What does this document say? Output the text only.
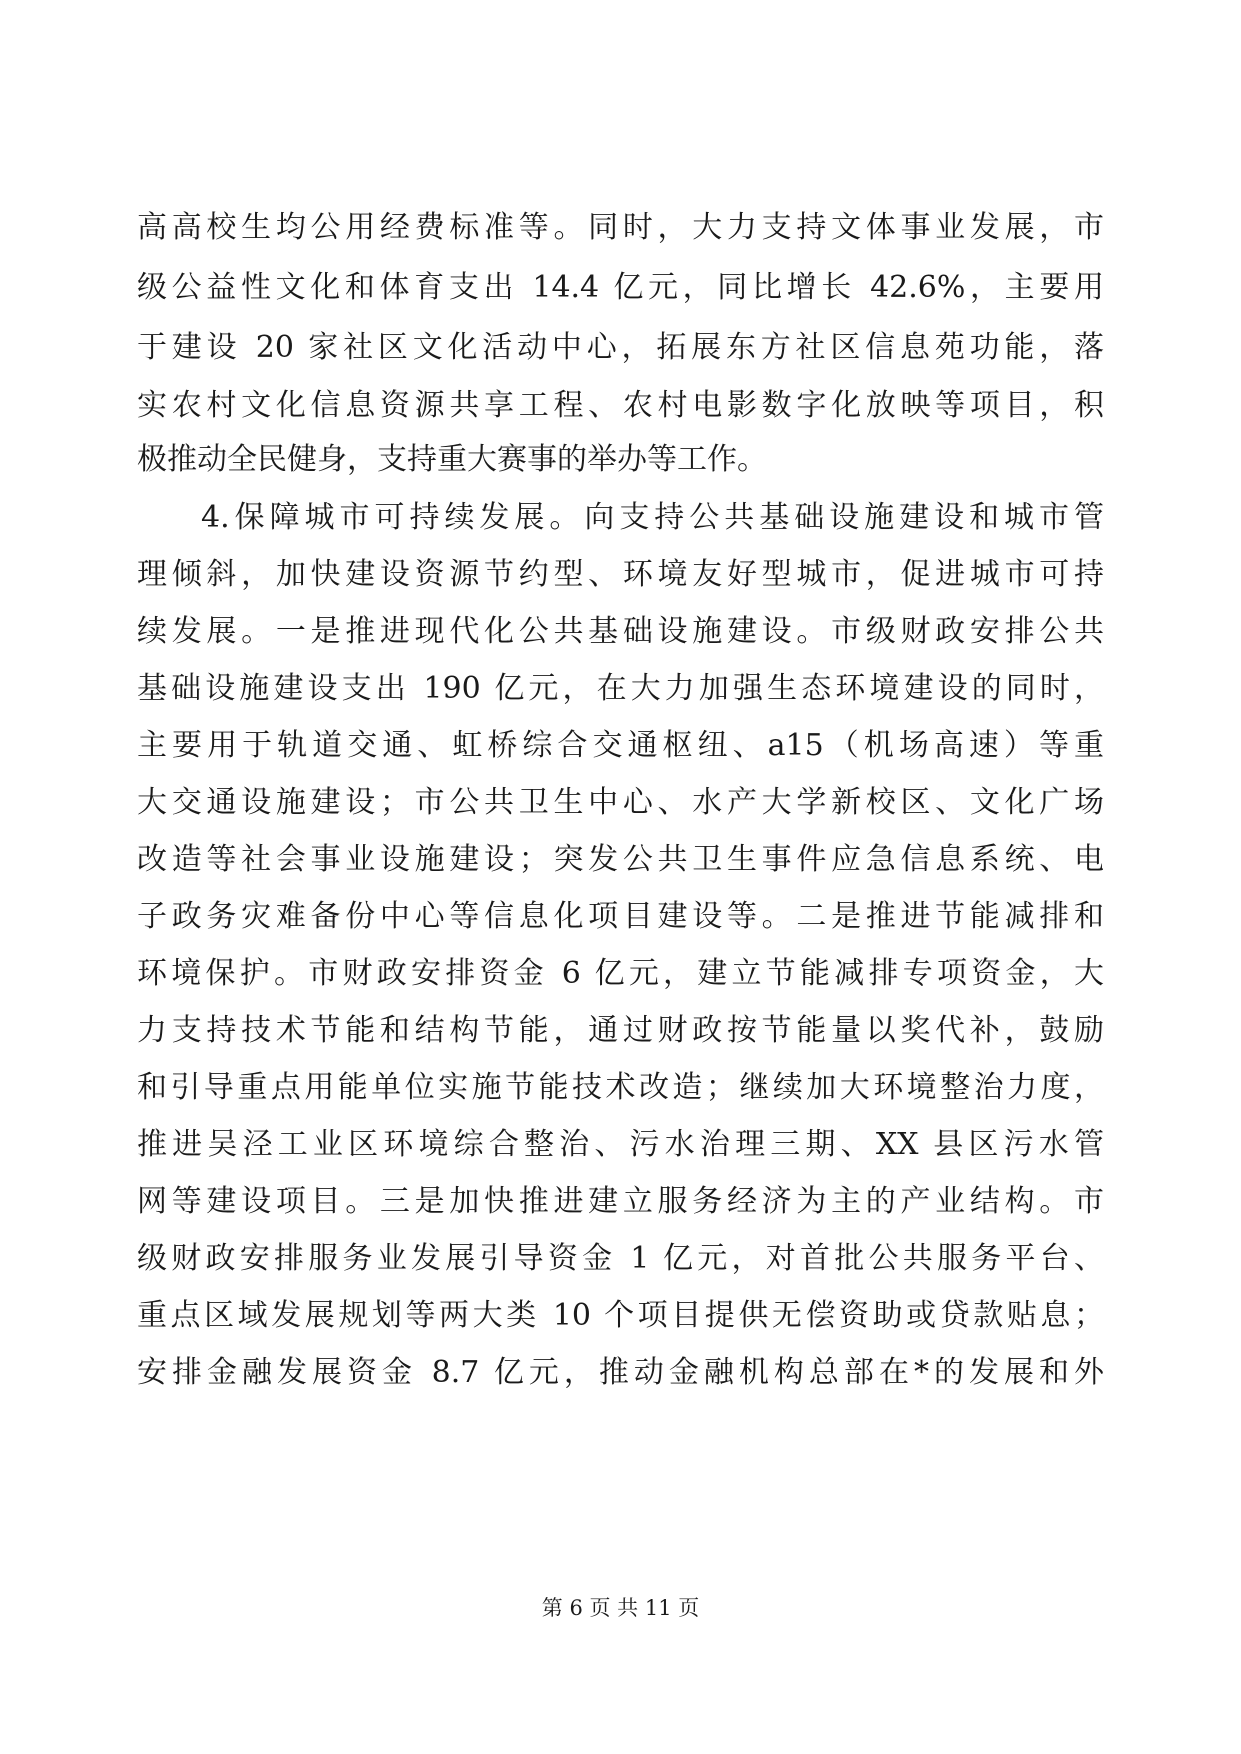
高高校生均公用经费标准等。同时，大力支持文体事业发展，市
级公益性文化和体育支出 14.4 亿元，同比增长 42.6%，主要用
于建设 20 家社区文化活动中心，拓展东方社区信息苑功能，落
实农村文化信息资源共享工程、农村电影数字化放映等项目，积
极推动全民健身，支持重大赛事的举办等工作。
4.保障城市可持续发展。向支持公共基础设施建设和城市管
理倾斜，加快建设资源节约型、环境友好型城市，促进城市可持
续发展。一是推进现代化公共基础设施建设。市级财政安排公共
基础设施建设支出 190 亿元，在大力加强生态环境建设的同时，
主要用于轨道交通、虹桥综合交通枢纽、a15（机场高速）等重
大交通设施建设；市公共卫生中心、水产大学新校区、文化广场
改造等社会事业设施建设；突发公共卫生事件应急信息系统、电
子政务灾难备份中心等信息化项目建设等。二是推进节能减排和
环境保护。市财政安排资金 6 亿元，建立节能减排专项资金，大
力支持技术节能和结构节能，通过财政按节能量以奖代补，鼓励
和引导重点用能单位实施节能技术改造；继续加大环境整治力度，
推进吴泾工业区环境综合整治、污水治理三期、XX 县区污水管
网等建设项目。三是加快推进建立服务经济为主的产业结构。市
级财政安排服务业发展引导资金 1 亿元，对首批公共服务平台、
重点区域发展规划等两大类 10 个项目提供无偿资助或贷款贴息；
安排金融发展资金 8.7 亿元，推动金融机构总部在*的发展和外
第 6 页 共 11 页
